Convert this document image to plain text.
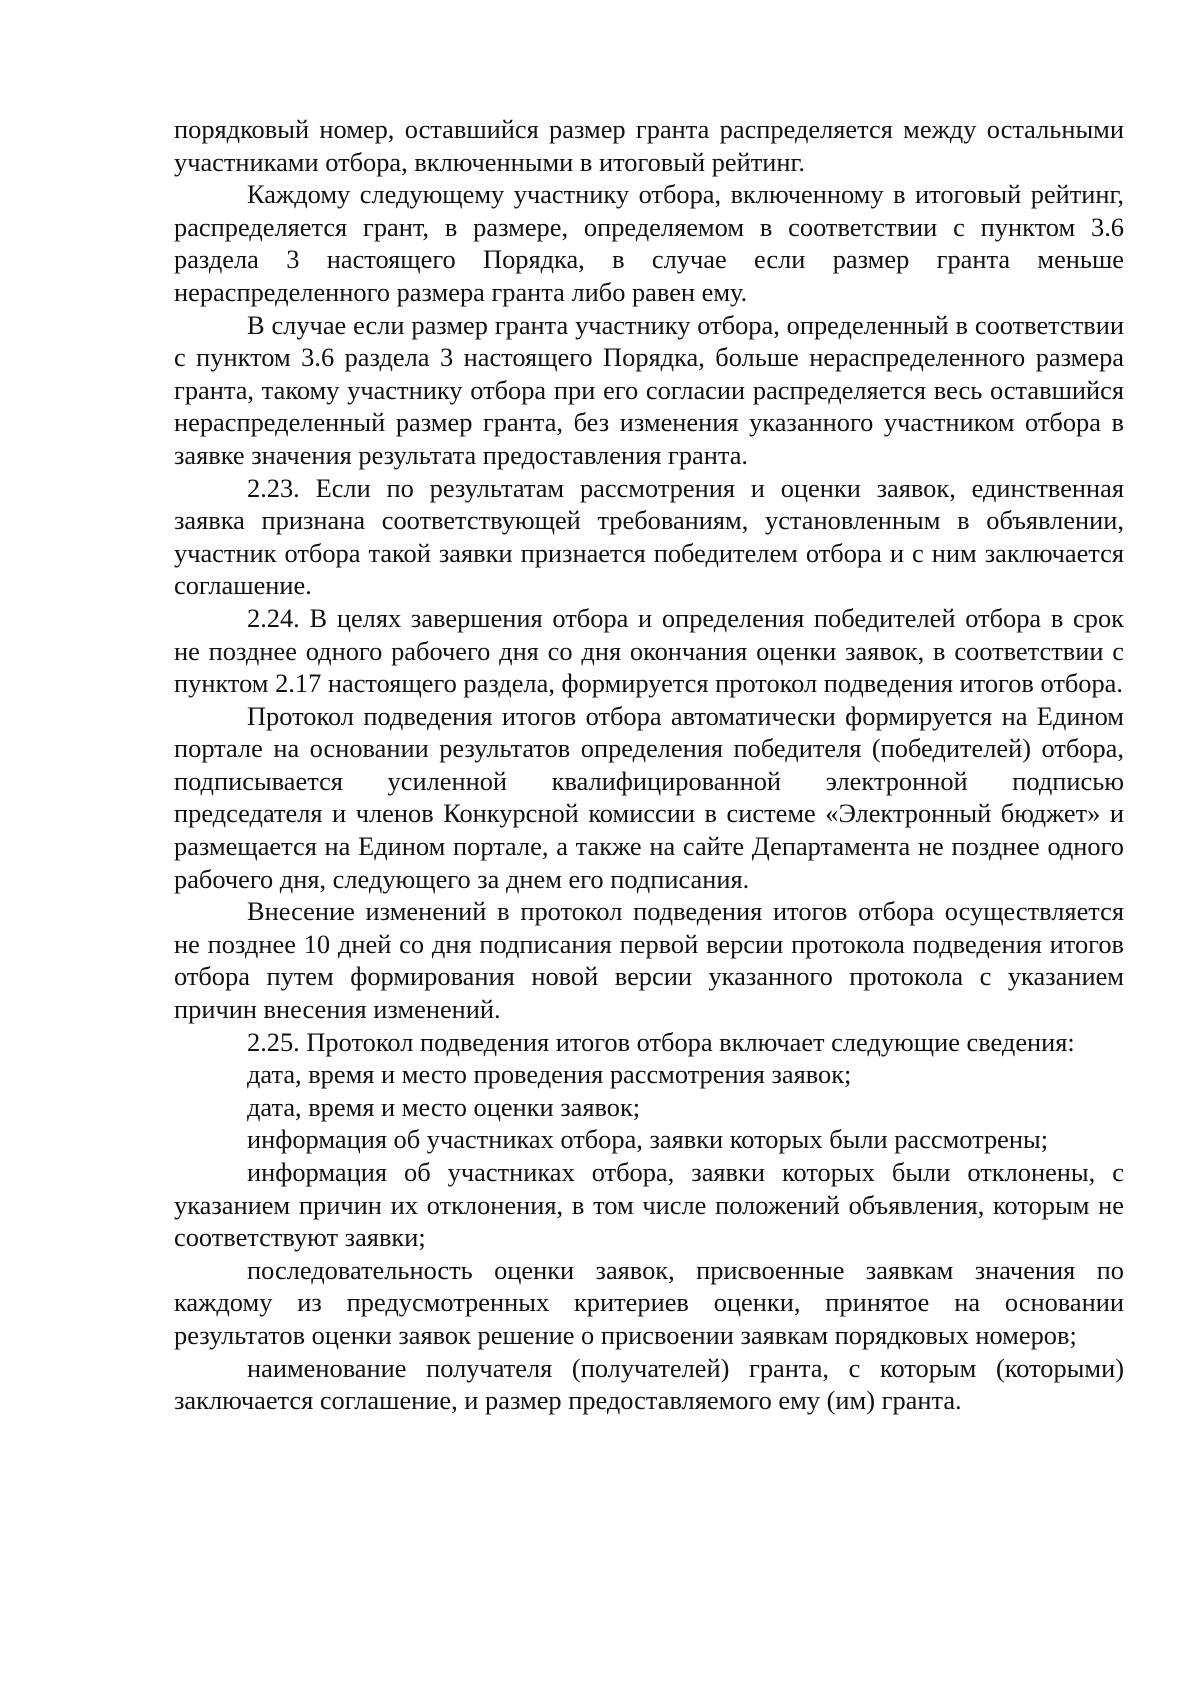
порядковый номер, оставшийся размер гранта распределяется между остальными участниками отбора, включенными в итоговый рейтинг.

Каждому следующему участнику отбора, включенному в итоговый рейтинг, распределяется грант, в размере, определяемом в соответствии с пунктом 3.6 раздела 3 настоящего Порядка, в случае если размер гранта меньше нераспределенного размера гранта либо равен ему.

В случае если размер гранта участнику отбора, определенный в соответствии с пунктом 3.6 раздела 3 настоящего Порядка, больше нераспределенного размера гранта, такому участнику отбора при его согласии распределяется весь оставшийся нераспределенный размер гранта, без изменения указанного участником отбора в заявке значения результата предоставления гранта.

2.23. Если по результатам рассмотрения и оценки заявок, единственная заявка признана соответствующей требованиям, установленным в объявлении, участник отбора такой заявки признается победителем отбора и с ним заключается соглашение.

2.24. В целях завершения отбора и определения победителей отбора в срок не позднее одного рабочего дня со дня окончания оценки заявок, в соответствии с пунктом 2.17 настоящего раздела, формируется протокол подведения итогов отбора.

Протокол подведения итогов отбора автоматически формируется на Едином портале на основании результатов определения победителя (победителей) отбора, подписывается усиленной квалифицированной электронной подписью председателя и членов Конкурсной комиссии в системе «Электронный бюджет» и размещается на Едином портале, а также на сайте Департамента не позднее одного рабочего дня, следующего за днем его подписания.

Внесение изменений в протокол подведения итогов отбора осуществляется не позднее 10 дней со дня подписания первой версии протокола подведения итогов отбора путем формирования новой версии указанного протокола с указанием причин внесения изменений.

2.25. Протокол подведения итогов отбора включает следующие сведения:

дата, время и место проведения рассмотрения заявок;

дата, время и место оценки заявок;

информация об участниках отбора, заявки которых были рассмотрены;

информация об участниках отбора, заявки которых были отклонены, с указанием причин их отклонения, в том числе положений объявления, которым не соответствуют заявки;

последовательность оценки заявок, присвоенные заявкам значения по каждому из предусмотренных критериев оценки, принятое на основании результатов оценки заявок решение о присвоении заявкам порядковых номеров;

наименование получателя (получателей) гранта, с которым (которыми) заключается соглашение, и размер предоставляемого ему (им) гранта.
